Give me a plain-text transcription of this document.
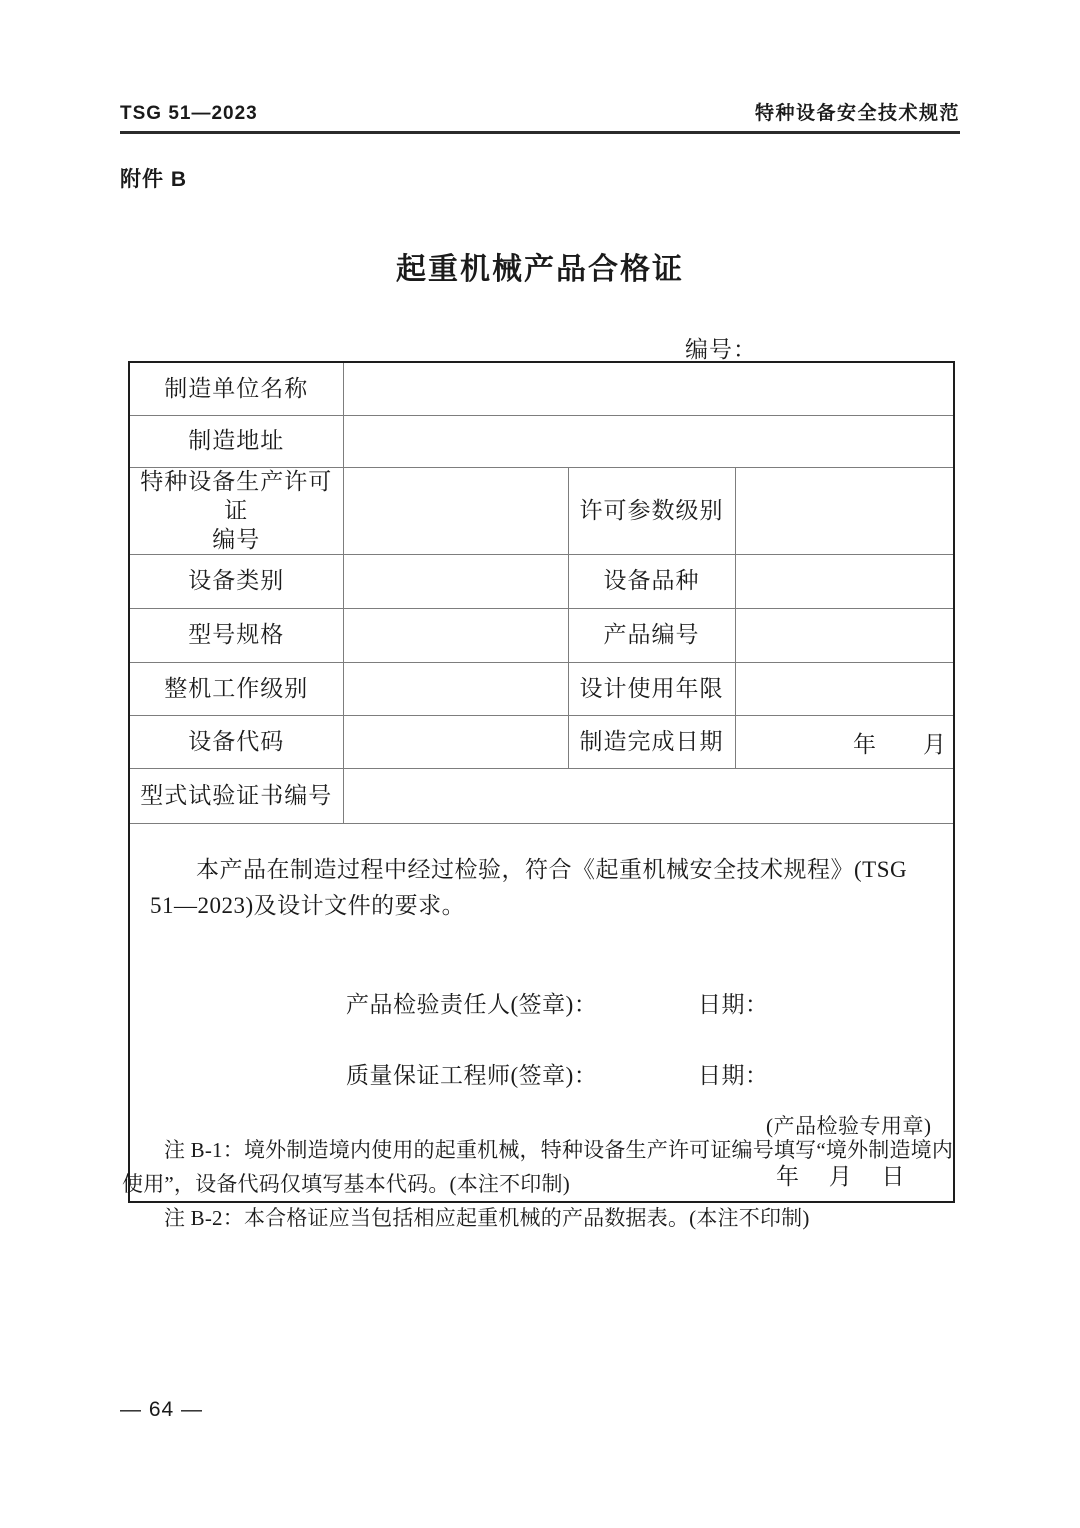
TSG 51—2023	特种设备安全技术规范
附件 B
起重机械产品合格证
编号：
制造单位名称			
制造地址			
特种设备生产许可证
编号		许可参数级别	
设备类别		设备品种	
型号规格		产品编号	
整机工作级别		设计使用年限	
设备代码		制造完成日期	年 月
型式试验证书编号			

本产品在制造过程中经过检验，符合《起重机械安全技术规程》(TSG 51—2023)及设计文件的要求。
产品检验责任人(签章)：	日期：
质量保证工程师(签章)：	日期：
(产品检验专用章)
年 月 日
注 B-1：境外制造境内使用的起重机械，特种设备生产许可证编号填写“境外制造境内使用”，设备代码仅填写基本代码。(本注不印制)
注 B-2：本合格证应当包括相应起重机械的产品数据表。(本注不印制)
— 64 —
